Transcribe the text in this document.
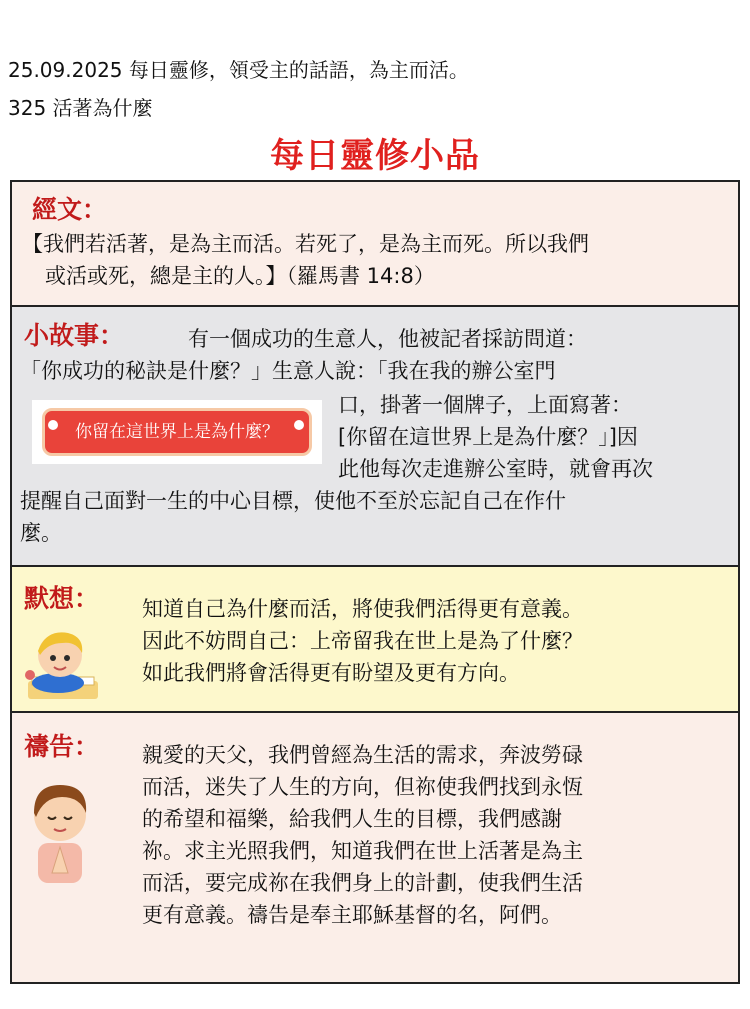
25.09.2025 每日靈修，領受主的話語，為主而活。
325 活著為什麼
每日靈修小品
經文：
【我們若活著，是為主而活。若死了，是為主而死。所以我們
或活或死，總是主的人。】（羅馬書 14:8）
小故事：	有一個成功的生意人，他被記者採訪問道：
「你成功的秘訣是什麼？」生意人說：「我在我的辦公室門
你留在這世界上是為什麼？
口，掛著一個牌子，上面寫著：
[你留在這世界上是為什麼？」]因
此他每次走進辦公室時，就會再次
提醒自己面對一生的中心目標，使他不至於忘記自己在作什
麼。
默想： 知道自己為什麼而活，將使我們活得更有意義。
因此不妨問自己：上帝留我在世上是為了什麼？
如此我們將會活得更有盼望及更有方向。
禱告： 親愛的天父，我們曾經為生活的需求，奔波勞碌
而活，迷失了人生的方向，但祢使我們找到永恆
的希望和福樂，給我們人生的目標，我們感謝
祢。求主光照我們，知道我們在世上活著是為主
而活，要完成祢在我們身上的計劃，使我們生活
更有意義。禱告是奉主耶穌基督的名，阿們。
